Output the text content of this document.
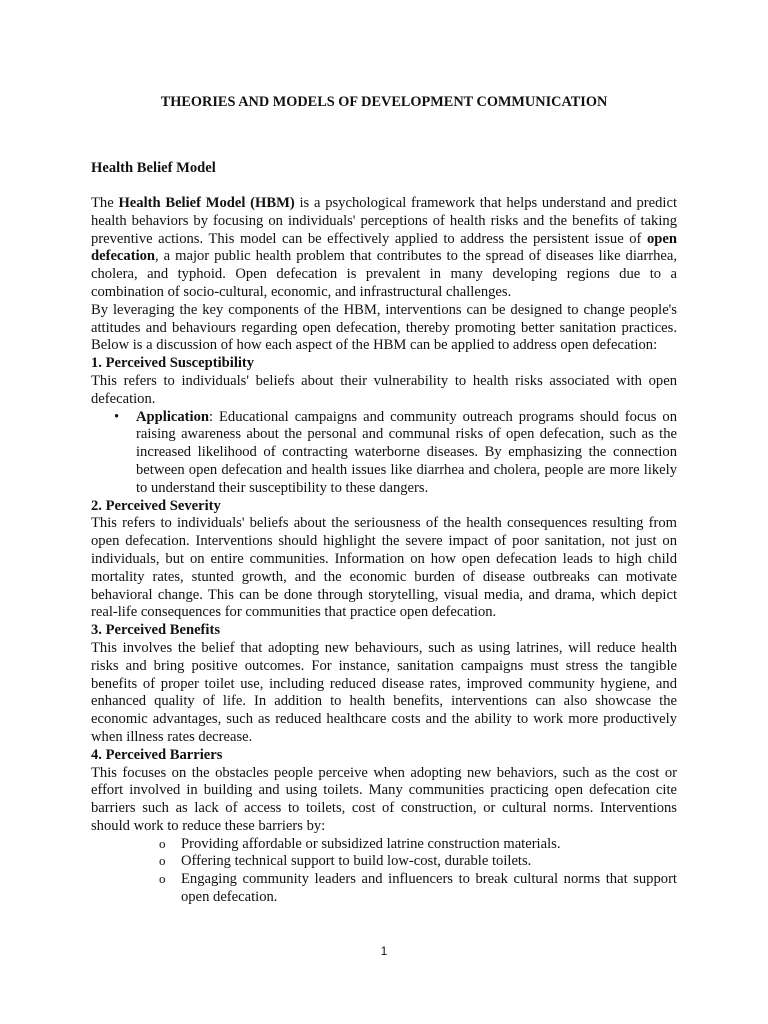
THEORIES AND MODELS OF DEVELOPMENT COMMUNICATION
Health Belief Model

The Health Belief Model (HBM) is a psychological framework that helps understand and predict health behaviors by focusing on individuals' perceptions of health risks and the benefits of taking preventive actions. This model can be effectively applied to address the persistent issue of open defecation, a major public health problem that contributes to the spread of diseases like diarrhea, cholera, and typhoid. Open defecation is prevalent in many developing regions due to a combination of socio-cultural, economic, and infrastructural challenges.

By leveraging the key components of the HBM, interventions can be designed to change people's attitudes and behaviours regarding open defecation, thereby promoting better sanitation practices. Below is a discussion of how each aspect of the HBM can be applied to address open defecation:

1. Perceived Susceptibility

This refers to individuals' beliefs about their vulnerability to health risks associated with open defecation.

• Application: Educational campaigns and community outreach programs should focus on raising awareness about the personal and communal risks of open defecation, such as the increased likelihood of contracting waterborne diseases. By emphasizing the connection between open defecation and health issues like diarrhea and cholera, people are more likely to understand their susceptibility to these dangers.
2. Perceived Severity

This refers to individuals' beliefs about the seriousness of the health consequences resulting from open defecation. Interventions should highlight the severe impact of poor sanitation, not just on individuals, but on entire communities. Information on how open defecation leads to high child mortality rates, stunted growth, and the economic burden of disease outbreaks can motivate behavioral change. This can be done through storytelling, visual media, and drama, which depict real-life consequences for communities that practice open defecation.

3. Perceived Benefits

This involves the belief that adopting new behaviours, such as using latrines, will reduce health risks and bring positive outcomes. For instance, sanitation campaigns must stress the tangible benefits of proper toilet use, including reduced disease rates, improved community hygiene, and enhanced quality of life. In addition to health benefits, interventions can also showcase the economic advantages, such as reduced healthcare costs and the ability to work more productively when illness rates decrease.

4. Perceived Barriers

This focuses on the obstacles people perceive when adopting new behaviors, such as the cost or effort involved in building and using toilets. Many communities practicing open defecation cite barriers such as lack of access to toilets, cost of construction, or cultural norms. Interventions should work to reduce these barriers by:

o Providing affordable or subsidized latrine construction materials.
o Offering technical support to build low-cost, durable toilets.
o Engaging community leaders and influencers to break cultural norms that support open defecation.
1
